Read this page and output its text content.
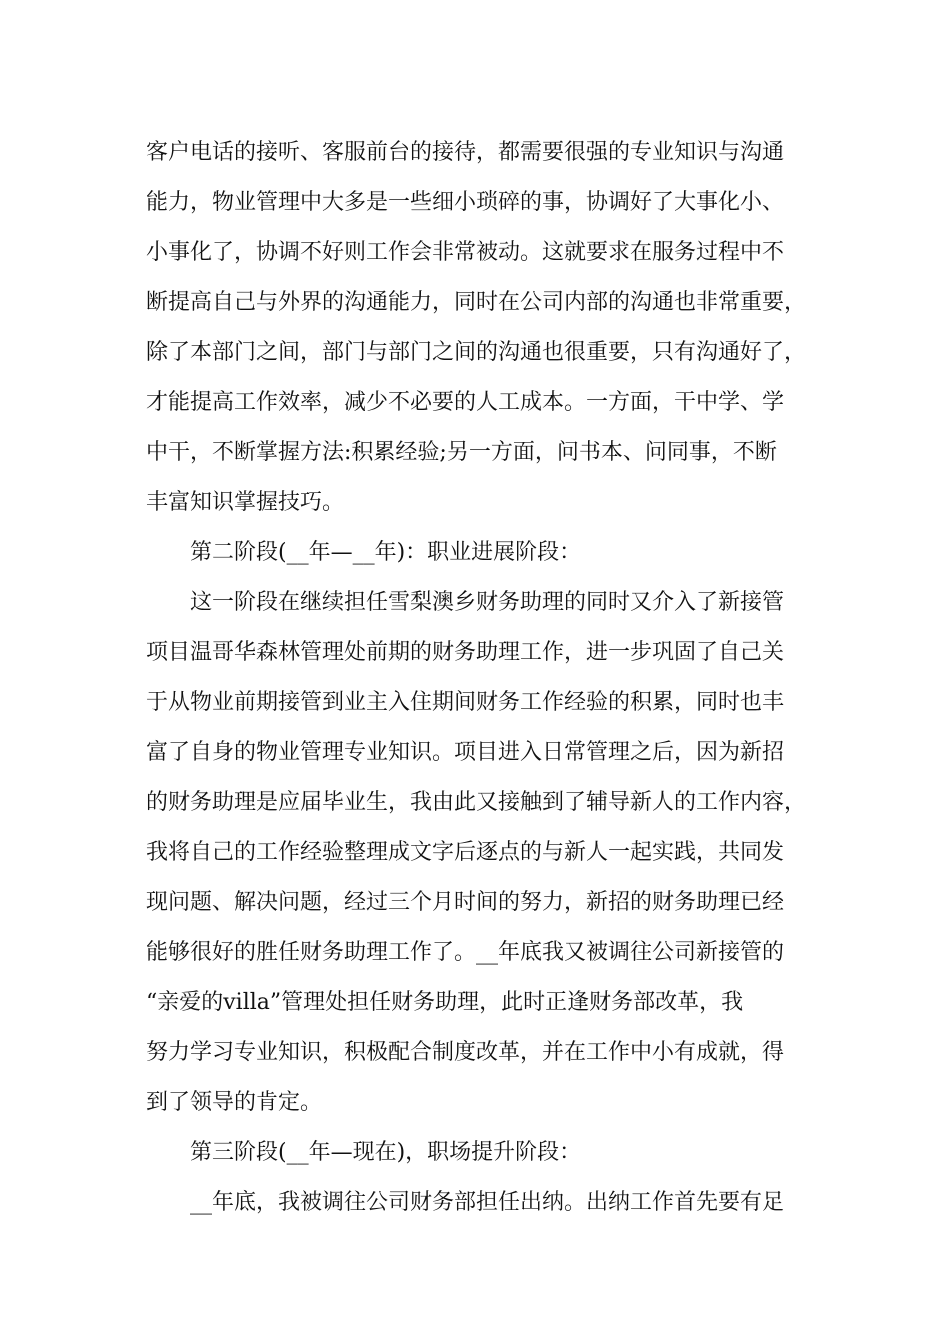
客户电话的接听、客服前台的接待，都需要很强的专业知识与沟通
能力，物业管理中大多是一些细小琐碎的事，协调好了大事化小、
小事化了，协调不好则工作会非常被动。这就要求在服务过程中不
断提高自己与外界的沟通能力，同时在公司内部的沟通也非常重要，
除了本部门之间，部门与部门之间的沟通也很重要，只有沟通好了，
才能提高工作效率，减少不必要的人工成本。一方面，干中学、学
中干，不断掌握方法:积累经验;另一方面，问书本、问同事，不断
丰富知识掌握技巧。
第二阶段(__年—__年)：职业进展阶段：
这一阶段在继续担任雪梨澳乡财务助理的同时又介入了新接管
项目温哥华森林管理处前期的财务助理工作，进一步巩固了自己关
于从物业前期接管到业主入住期间财务工作经验的积累，同时也丰
富了自身的物业管理专业知识。项目进入日常管理之后，因为新招
的财务助理是应届毕业生，我由此又接触到了辅导新人的工作内容，
我将自己的工作经验整理成文字后逐点的与新人一起实践，共同发
现问题、解决问题，经过三个月时间的努力，新招的财务助理已经
能够很好的胜任财务助理工作了。__年底我又被调往公司新接管的
“亲爱的villa”管理处担任财务助理，此时正逢财务部改革，我
努力学习专业知识，积极配合制度改革，并在工作中小有成就，得
到了领导的肯定。
第三阶段(__年—现在)，职场提升阶段：
__年底，我被调往公司财务部担任出纳。出纳工作首先要有足
